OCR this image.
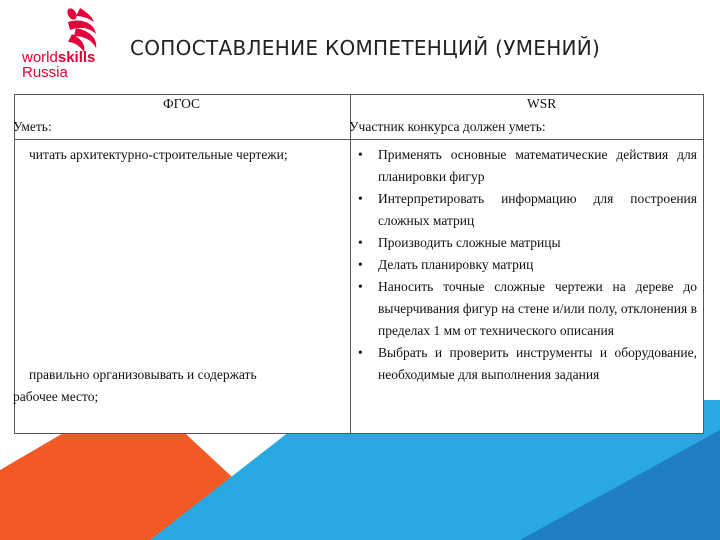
worldskills
Russia
СОПОСТАВЛЕНИЕ КОМПЕТЕНЦИЙ (УМЕНИЙ)
ФГОС	WSR
Уметь:	Участник конкурса должен уметь:
читать архитектурно-строительные чертежи;
правильно организовывать и содержать
рабочее место;
• Применять основные математические действия для планировки фигур
• Интерпретировать информацию для построения сложных матриц
• Производить сложные матрицы
• Делать планировку матриц
• Наносить точные сложные чертежи на дереве до вычерчивания фигур на стене и/или полу, отклонения в пределах 1 мм от технического описания
• Выбрать и проверить инструменты и оборудование, необходимые для выполнения задания
